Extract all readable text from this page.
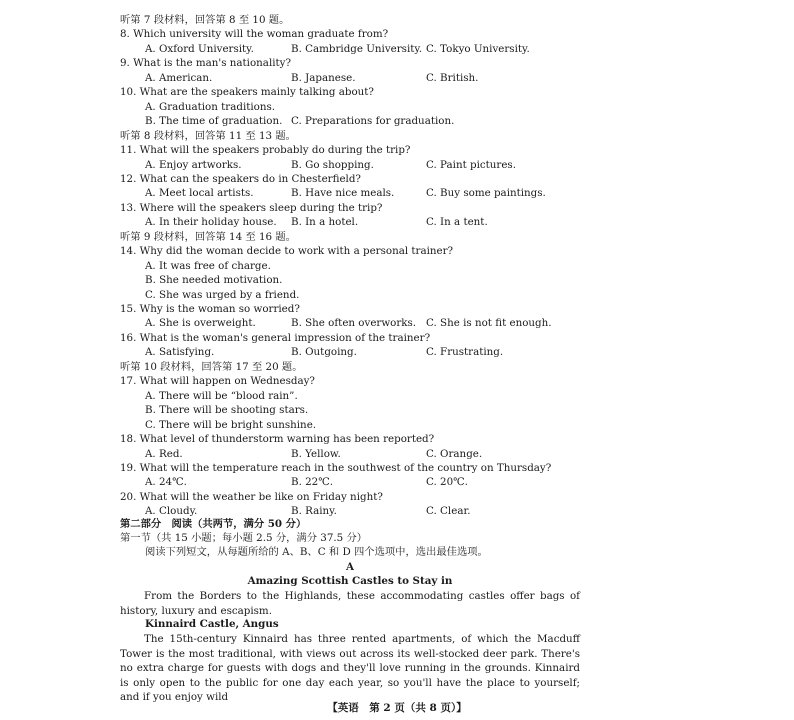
听第 7 段材料，回答第 8 至 10 题。
8. Which university will the woman graduate from?
A. Oxford University.	B. Cambridge University. C. Tokyo University.
9. What is the man's nationality?
A. American.	B. Japanese.	C. British.
10. What are the speakers mainly talking about?
A. Graduation traditions.
B. The time of graduation. C. Preparations for graduation.
听第 8 段材料，回答第 11 至 13 题。
11. What will the speakers probably do during the trip?
A. Enjoy artworks.	B. Go shopping.	C. Paint pictures.
12. What can the speakers do in Chesterfield?
A. Meet local artists.	B. Have nice meals.	C. Buy some paintings.
13. Where will the speakers sleep during the trip?
A. In their holiday house. B. In a hotel.	C. In a tent.
听第 9 段材料，回答第 14 至 16 题。
14. Why did the woman decide to work with a personal trainer?
A. It was free of charge.
B. She needed motivation.
C. She was urged by a friend.
15. Why is the woman so worried?
A. She is overweight.	B. She often overworks. C. She is not fit enough.
16. What is the woman's general impression of the trainer?
A. Satisfying.	B. Outgoing.	C. Frustrating.
听第 10 段材料，回答第 17 至 20 题。
17. What will happen on Wednesday?
A. There will be “blood rain”.
B. There will be shooting stars.
C. There will be bright sunshine.
18. What level of thunderstorm warning has been reported?
A. Red.	B. Yellow.	C. Orange.
19. What will the temperature reach in the southwest of the country on Thursday?
A. 24℃.	B. 22℃.	C. 20℃.
20. What will the weather be like on Friday night?
A. Cloudy.	B. Rainy.	C. Clear.
第二部分　阅读（共两节，满分 50 分）
第一节（共 15 小题；每小题 2.5 分，满分 37.5 分）
阅读下列短文，从每题所给的 A、B、C 和 D 四个选项中，选出最佳选项。
A
Amazing Scottish Castles to Stay in
From the Borders to the Highlands, these accommodating castles offer bags of history, luxury and escapism.
Kinnaird Castle, Angus
The 15th-century Kinnaird has three rented apartments, of which the Macduff Tower is the most traditional, with views out across its well-stocked deer park. There's no extra charge for guests with dogs and they'll love running in the grounds. Kinnaird is only open to the public for one day each year, so you'll have the place to yourself; and if you enjoy wild
【英语　第 2 页（共 8 页）】
